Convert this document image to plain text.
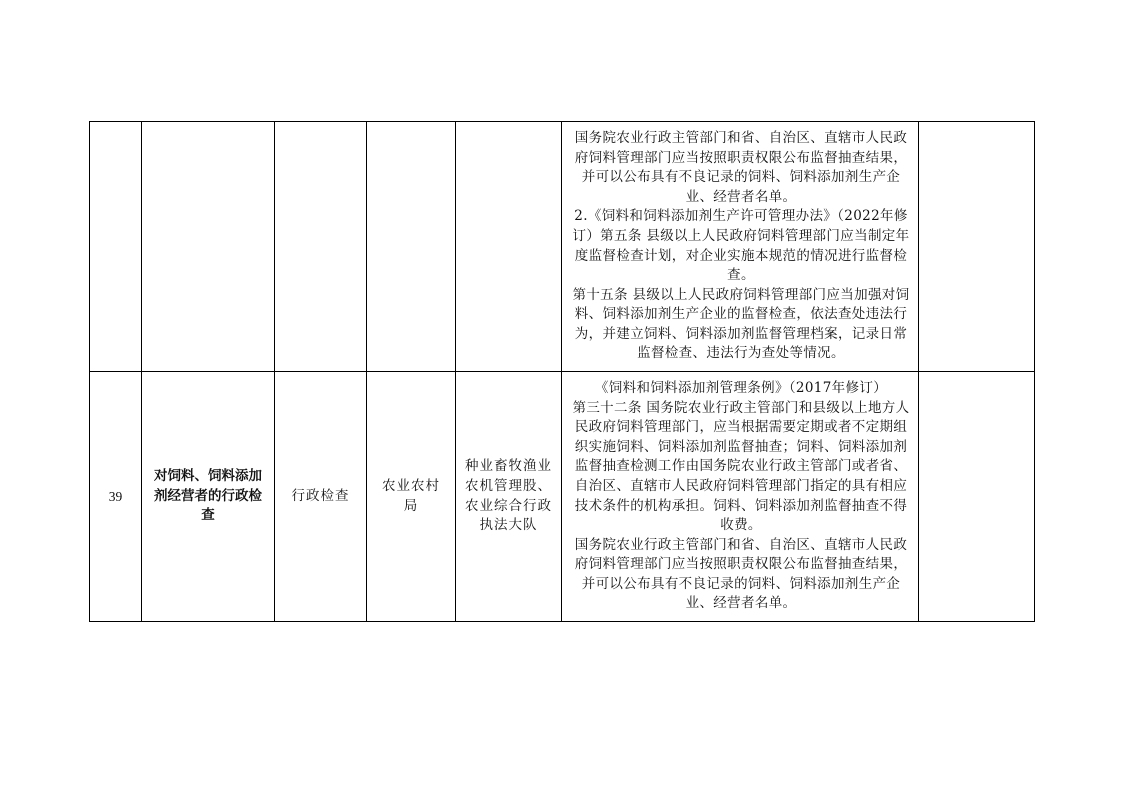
					国务院农业行政主管部门和省、自治区、直辖市人民政府饲料管理部门应当按照职责权限公布监督抽查结果，并可以公布具有不良记录的饲料、饲料添加剂生产企业、经营者名单。

2.《饲料和饲料添加剂生产许可管理办法》（2022年修订）第五条 县级以上人民政府饲料管理部门应当制定年度监督检查计划，对企业实施本规范的情况进行监督检查。

第十五条 县级以上人民政府饲料管理部门应当加强对饲料、饲料添加剂生产企业的监督检查，依法查处违法行为，并建立饲料、饲料添加剂监督管理档案，记录日常监督检查、违法行为查处等情况。	

39	对饲料、饲料添加剂经营者的行政检查	行政检查	农业农村局	种业畜牧渔业农机管理股、农业综合行政执法大队	《饲料和饲料添加剂管理条例》（2017年修订）

第三十二条 国务院农业行政主管部门和县级以上地方人民政府饲料管理部门，应当根据需要定期或者不定期组织实施饲料、饲料添加剂监督抽查；饲料、饲料添加剂监督抽查检测工作由国务院农业行政主管部门或者省、自治区、直辖市人民政府饲料管理部门指定的具有相应技术条件的机构承担。饲料、饲料添加剂监督抽查不得收费。

国务院农业行政主管部门和省、自治区、直辖市人民政府饲料管理部门应当按照职责权限公布监督抽查结果，并可以公布具有不良记录的饲料、饲料添加剂生产企业、经营者名单。	
